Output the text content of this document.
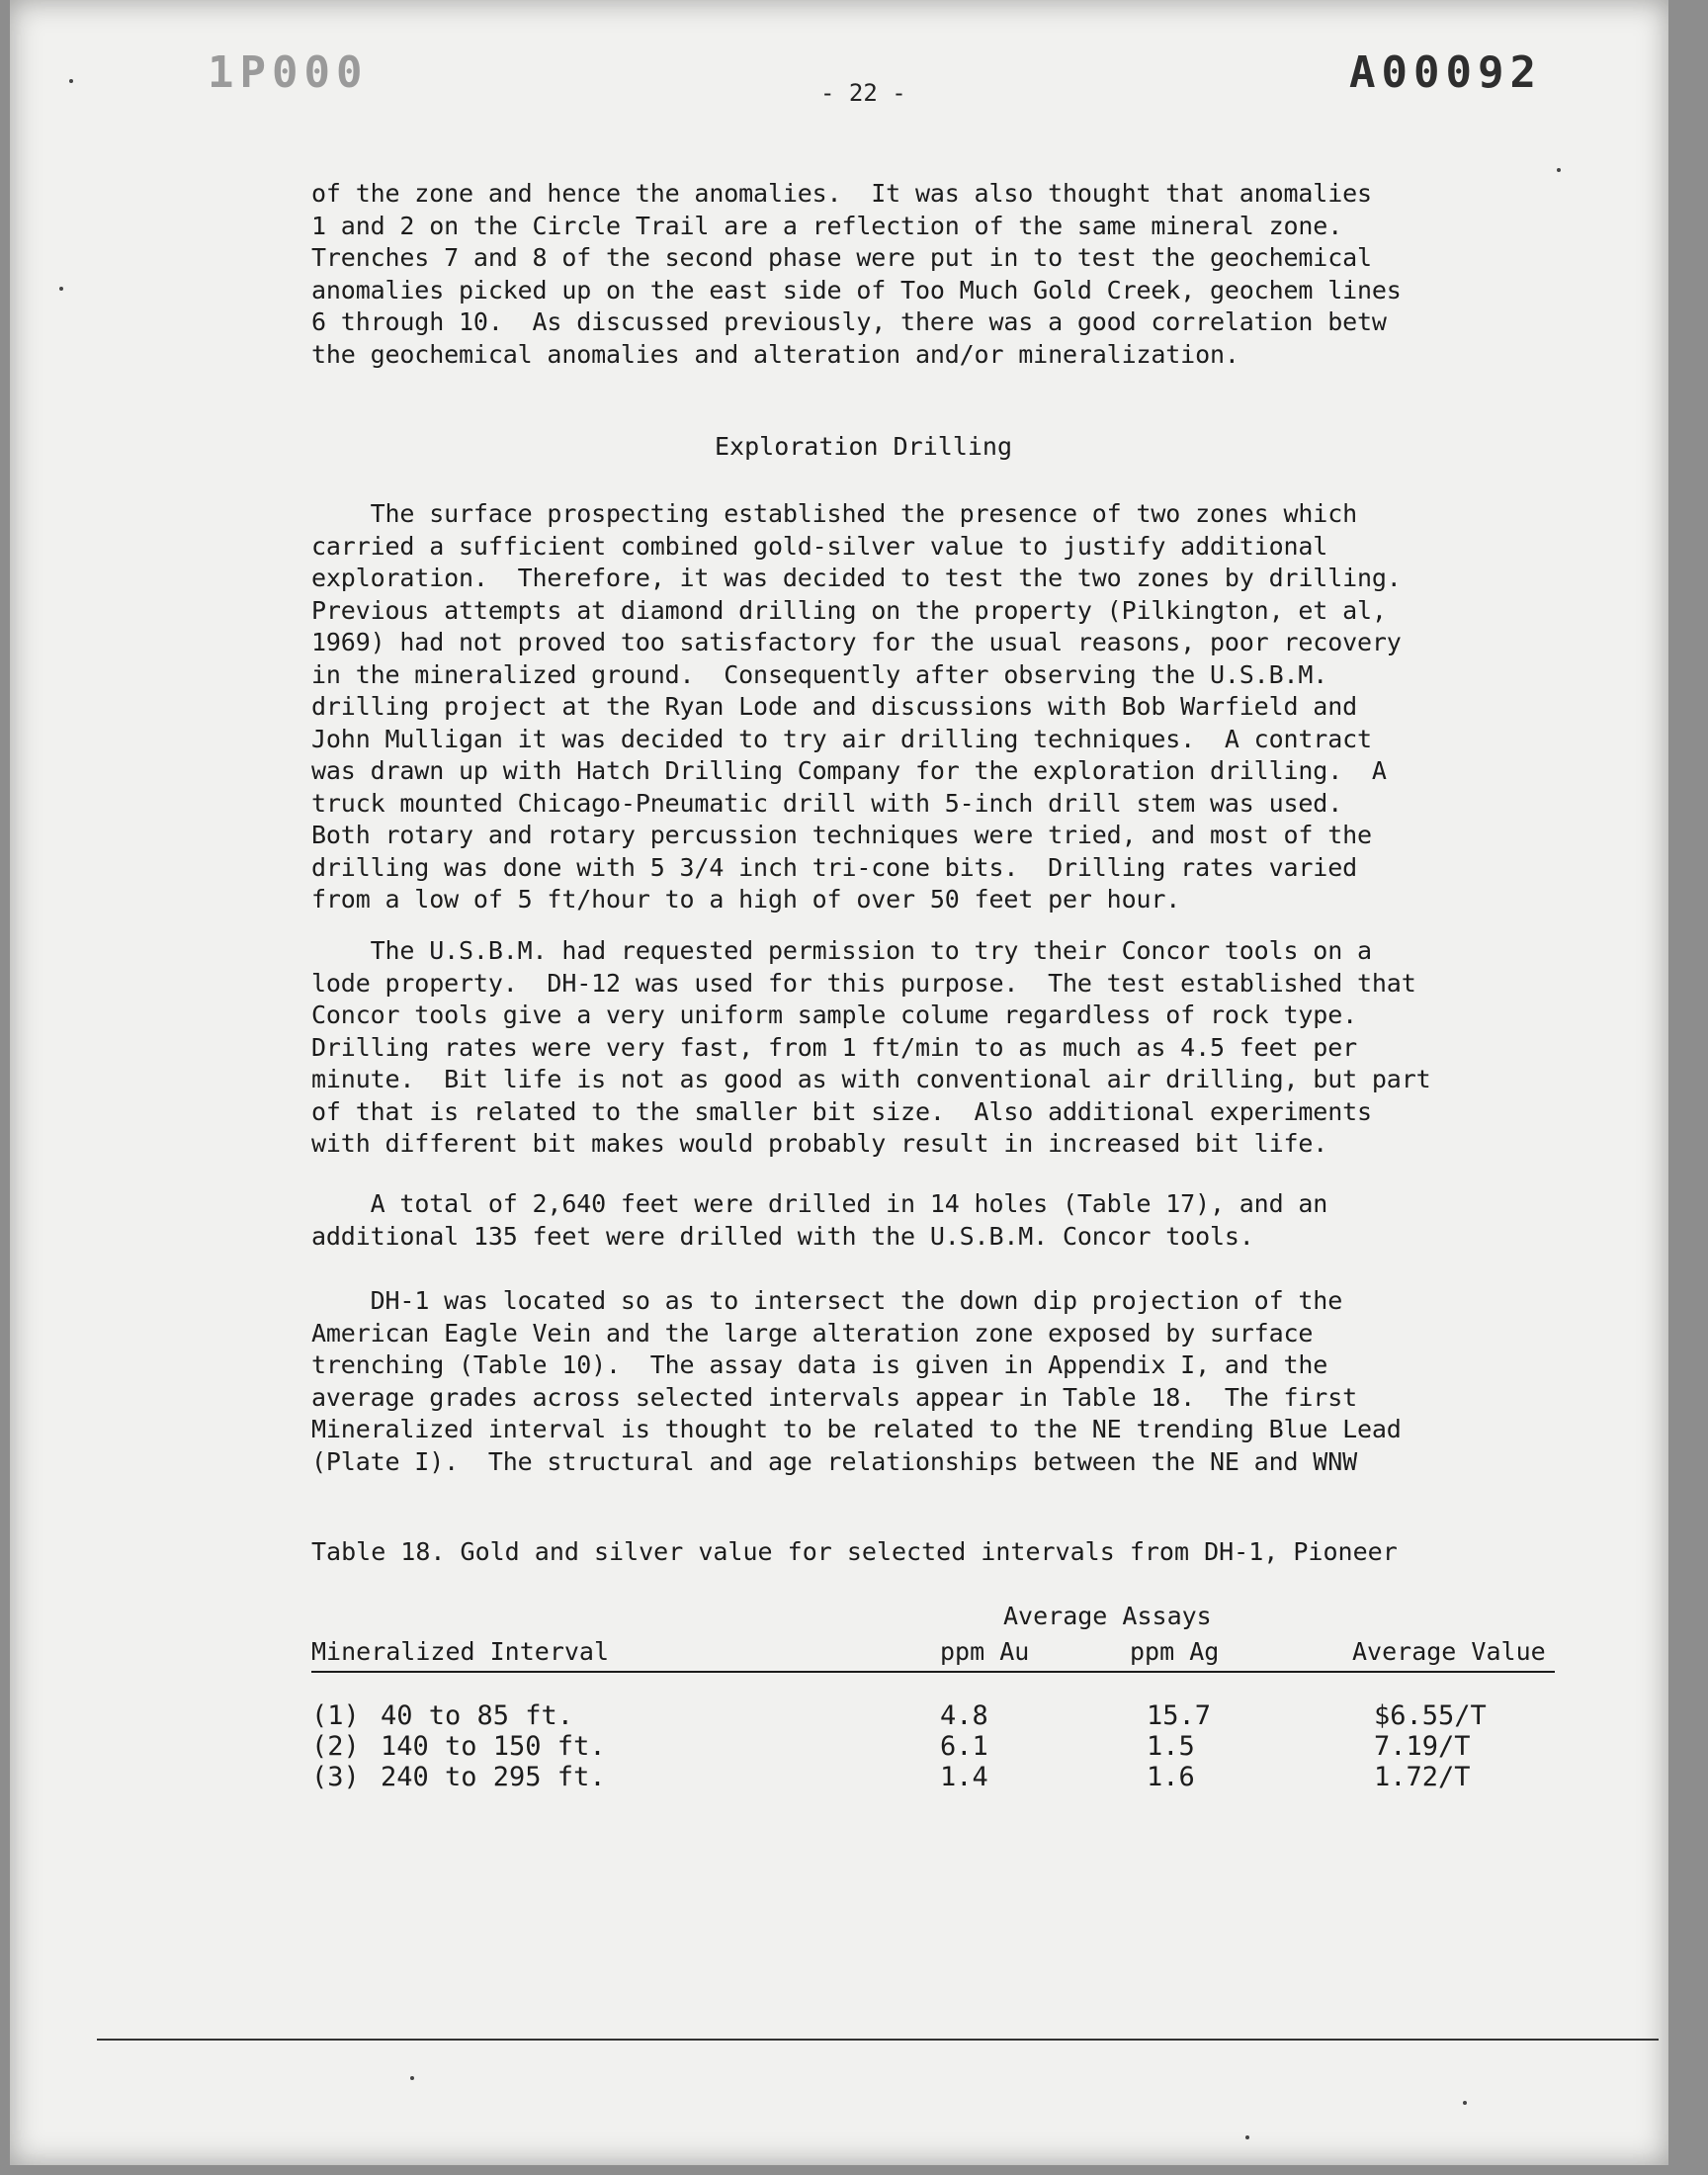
1P000	- 22 -	A00092
of the zone and hence the anomalies.  It was also thought that anomalies
1 and 2 on the Circle Trail are a reflection of the same mineral zone.
Trenches 7 and 8 of the second phase were put in to test the geochemical
anomalies picked up on the east side of Too Much Gold Creek, geochem lines
6 through 10.  As discussed previously, there was a good correlation betw
the geochemical anomalies and alteration and/or mineralization.
Exploration Drilling
The surface prospecting established the presence of two zones which
carried a sufficient combined gold-silver value to justify additional
exploration.  Therefore, it was decided to test the two zones by drilling.
Previous attempts at diamond drilling on the property (Pilkington, et al,
1969) had not proved too satisfactory for the usual reasons, poor recovery
in the mineralized ground.  Consequently after observing the U.S.B.M.
drilling project at the Ryan Lode and discussions with Bob Warfield and
John Mulligan it was decided to try air drilling techniques.  A contract
was drawn up with Hatch Drilling Company for the exploration drilling.  A
truck mounted Chicago-Pneumatic drill with 5-inch drill stem was used.
Both rotary and rotary percussion techniques were tried, and most of the
drilling was done with 5 3/4 inch tri-cone bits.  Drilling rates varied
from a low of 5 ft/hour to a high of over 50 feet per hour.
The U.S.B.M. had requested permission to try their Concor tools on a
lode property.  DH-12 was used for this purpose.  The test established that
Concor tools give a very uniform sample colume regardless of rock type.
Drilling rates were very fast, from 1 ft/min to as much as 4.5 feet per
minute.  Bit life is not as good as with conventional air drilling, but part
of that is related to the smaller bit size.  Also additional experiments
with different bit makes would probably result in increased bit life.
A total of 2,640 feet were drilled in 14 holes (Table 17), and an
additional 135 feet were drilled with the U.S.B.M. Concor tools.
DH-1 was located so as to intersect the down dip projection of the
American Eagle Vein and the large alteration zone exposed by surface
trenching (Table 10).  The assay data is given in Appendix I, and the
average grades across selected intervals appear in Table 18.  The first
Mineralized interval is thought to be related to the NE trending Blue Lead
(Plate I).  The structural and age relationships between the NE and WNW
Table 18. Gold and silver value for selected intervals from DH-1, Pioneer
Average Assays
Mineralized Interval	ppm Au	ppm Ag	Average Value
(1) 40 to 85 ft.	4.8	15.7	$6.55/T
(2) 140 to 150 ft.	6.1	1.5	7.19/T
(3) 240 to 295 ft.	1.4	1.6	1.72/T
